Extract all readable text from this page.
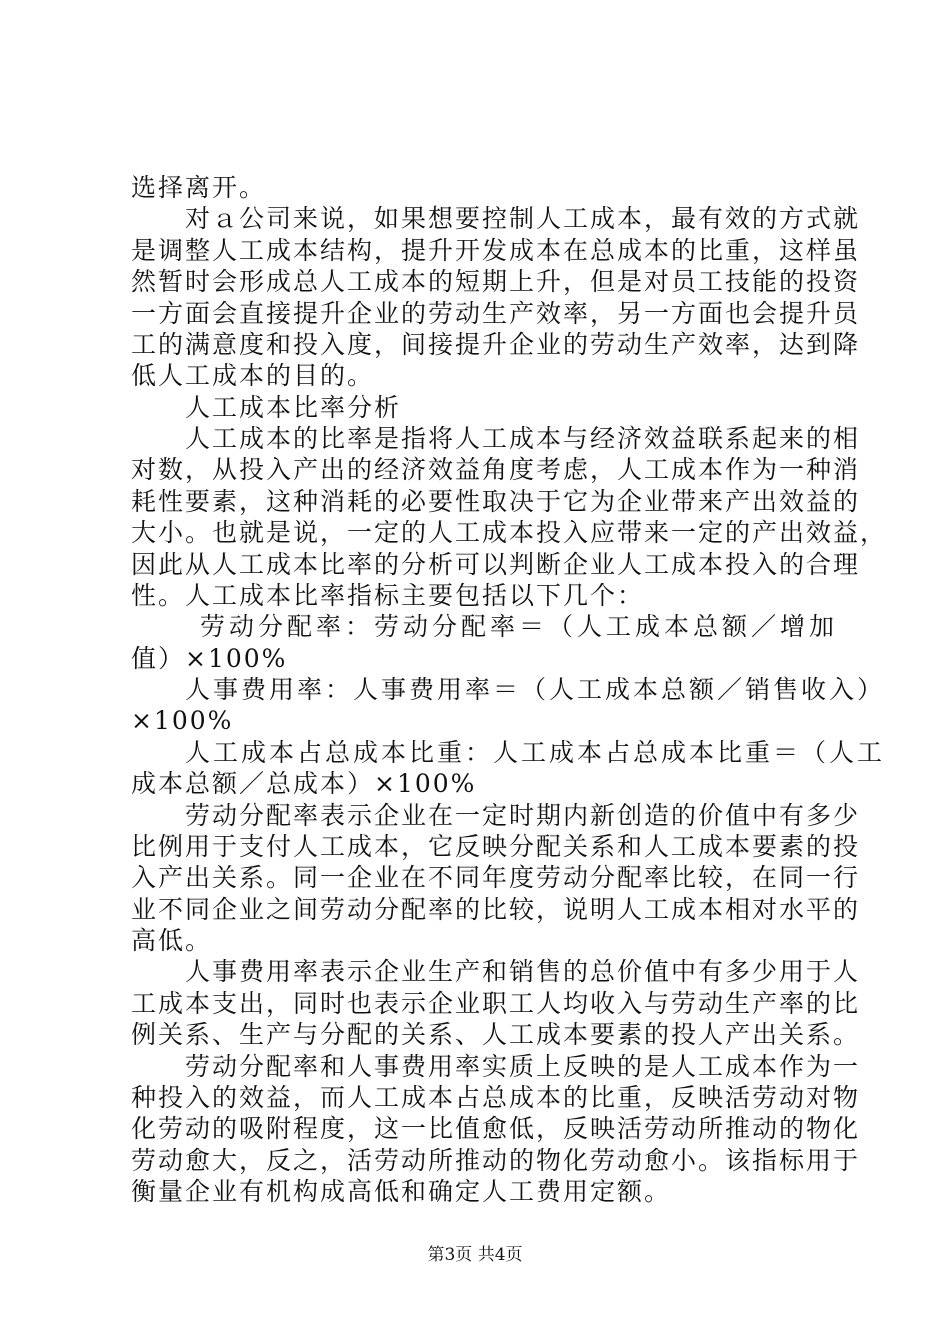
选择离开。
对ａ公司来说，如果想要控制人工成本，最有效的方式就
是调整人工成本结构，提升开发成本在总成本的比重，这样虽
然暂时会形成总人工成本的短期上升，但是对员工技能的投资
一方面会直接提升企业的劳动生产效率，另一方面也会提升员
工的满意度和投入度，间接提升企业的劳动生产效率，达到降
低人工成本的目的。
人工成本比率分析
人工成本的比率是指将人工成本与经济效益联系起来的相
对数，从投入产出的经济效益角度考虑，人工成本作为一种消
耗性要素，这种消耗的必要性取决于它为企业带来产出效益的
大小。也就是说，一定的人工成本投入应带来一定的产出效益，
因此从人工成本比率的分析可以判断企业人工成本投入的合理
性。人工成本比率指标主要包括以下几个：
劳动分配率：劳动分配率＝（人工成本总额／增加
值）×100%
人事费用率：人事费用率＝（人工成本总额／销售收入）
×100%
人工成本占总成本比重：人工成本占总成本比重＝（人工
成本总额／总成本）×100%
劳动分配率表示企业在一定时期内新创造的价值中有多少
比例用于支付人工成本，它反映分配关系和人工成本要素的投
入产出关系。同一企业在不同年度劳动分配率比较，在同一行
业不同企业之间劳动分配率的比较，说明人工成本相对水平的
高低。
人事费用率表示企业生产和销售的总价值中有多少用于人
工成本支出，同时也表示企业职工人均收入与劳动生产率的比
例关系、生产与分配的关系、人工成本要素的投人产出关系。
劳动分配率和人事费用率实质上反映的是人工成本作为一
种投入的效益，而人工成本占总成本的比重，反映活劳动对物
化劳动的吸附程度，这一比值愈低，反映活劳动所推动的物化
劳动愈大，反之，活劳动所推动的物化劳动愈小。该指标用于
衡量企业有机构成高低和确定人工费用定额。
第3页 共4页
